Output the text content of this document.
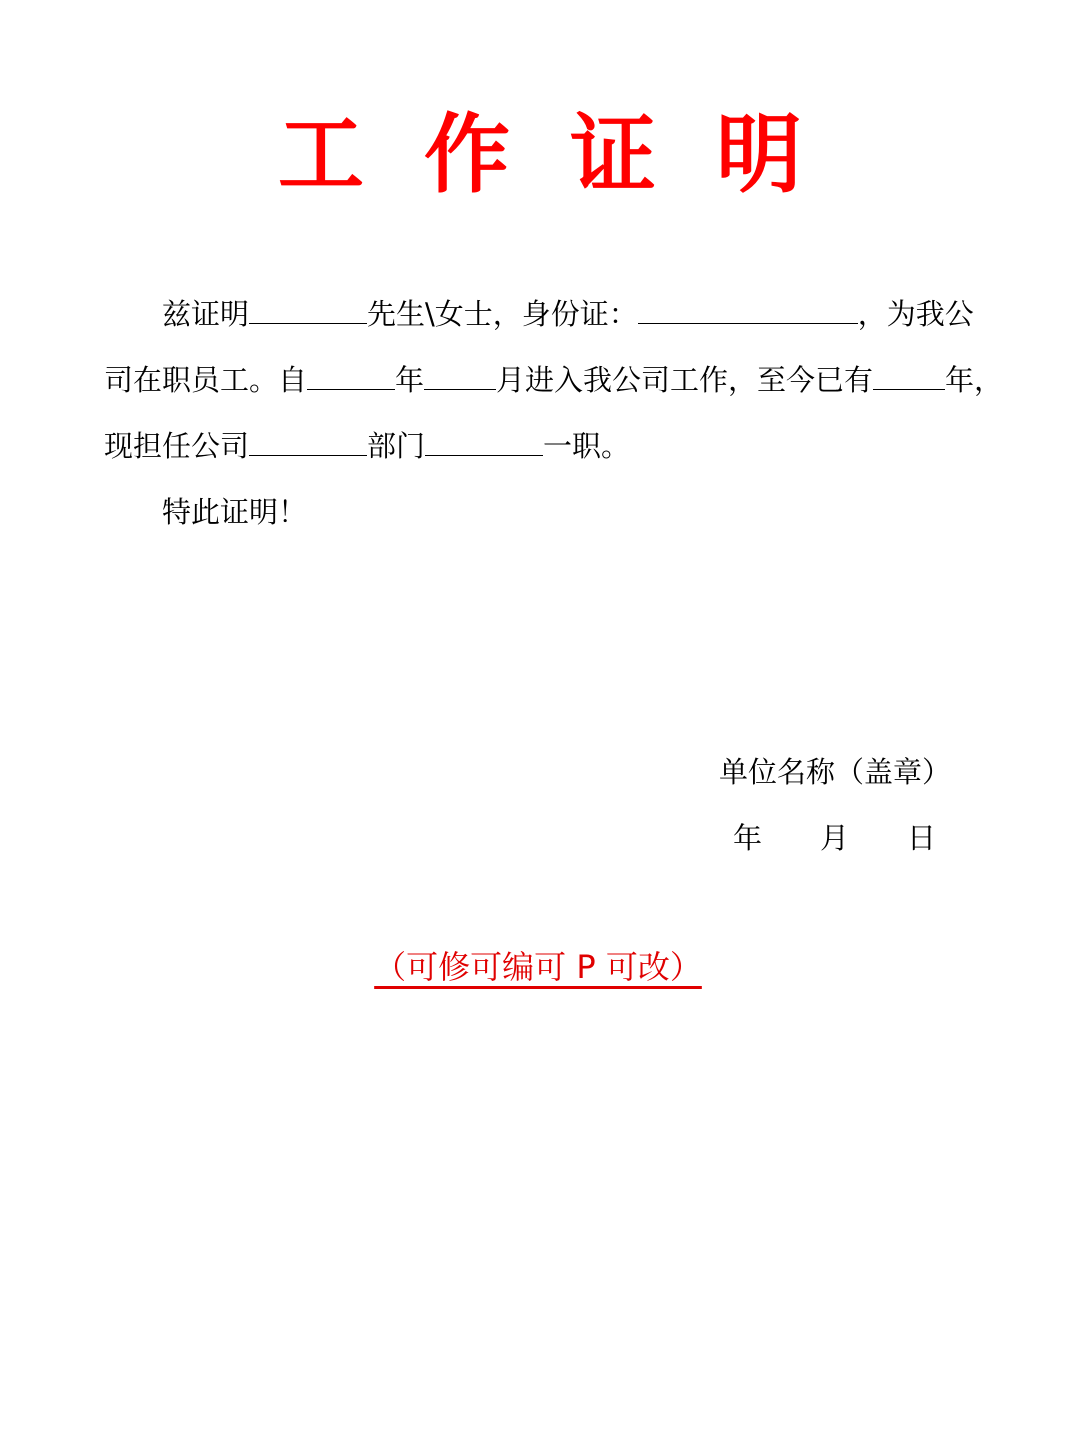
工 作 证 明
兹证明	先生\女士，身份证：	，为我公
司在职员工。自	年 月进入我公司工作，至今已有 年，
现担任公司	部门	一职。
特此证明！
单位名称（盖章）
年 月 日
（可修可编可 P 可改）
